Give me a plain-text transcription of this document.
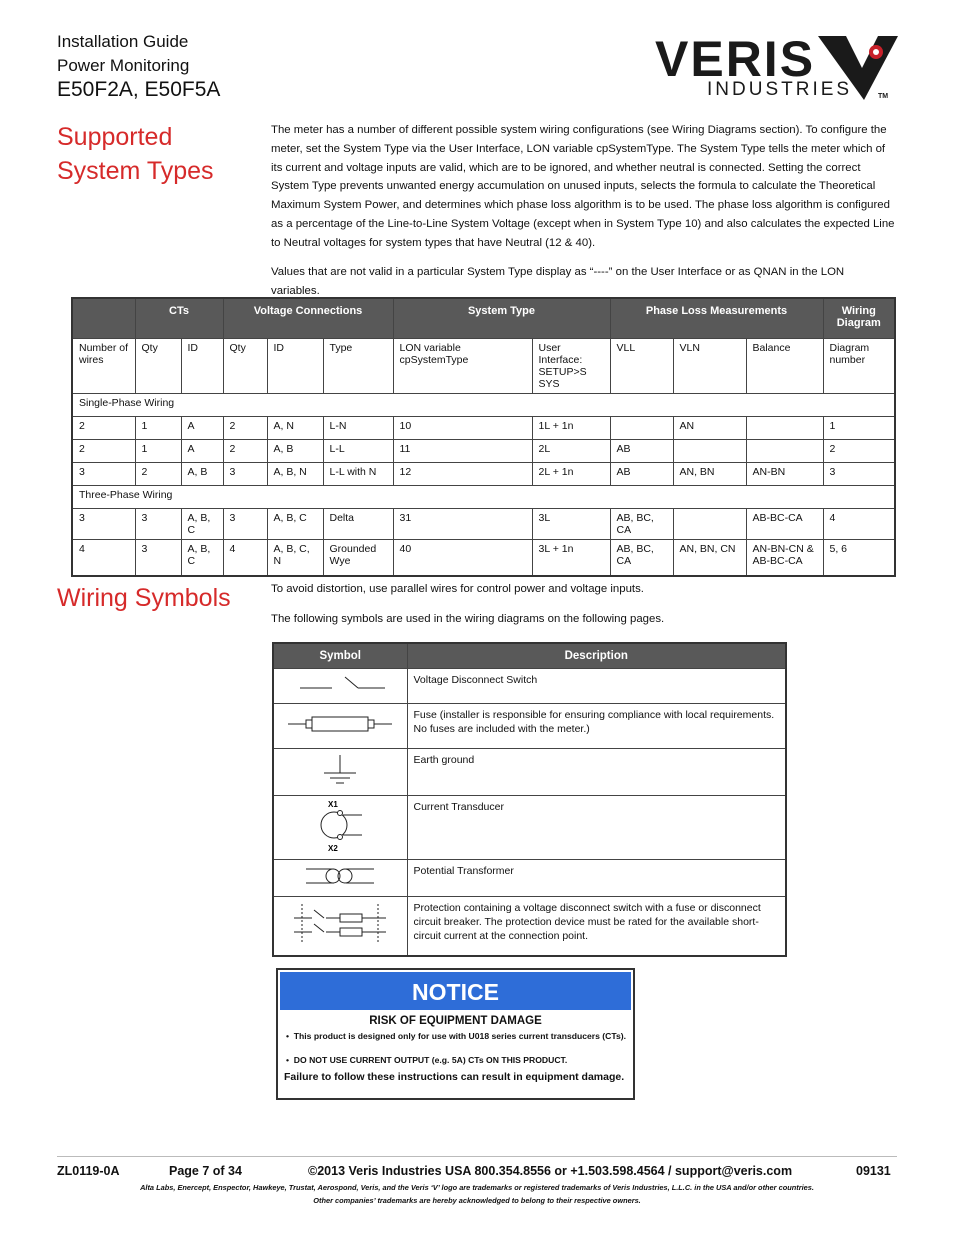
Installation Guide
Power Monitoring
E50F2A, E50F5A
VERIS
INDUSTRIES	TM
Supported System Types
The meter has a number of different possible system wiring configurations (see Wiring Diagrams section). To configure the meter, set the System Type via the User Interface, LON variable cpSystemType. The System Type tells the meter which of its current and voltage inputs are valid, which are to be ignored, and whether neutral is connected. Setting the correct System Type prevents unwanted energy accumulation on unused inputs, selects the formula to calculate the Theoretical Maximum System Power, and determines which phase loss algorithm is to be used. The phase loss algorithm is configured as a percentage of the Line-to-Line System Voltage (except when in System Type 10) and also calculates the expected Line to Neutral voltages for system types that have Neutral (12 & 40).
Values that are not valid in a particular System Type display as “----” on the User Interface or as QNAN in the LON variables.
	CTs		Voltage Connections			System Type		Phase Loss Measurements			Wiring Diagram
Number of wires	Qty	ID	Qty	ID	Type	LON variable cpSystemType	User Interface: SETUP>S SYS	VLL	VLN	Balance	Diagram number
Single-Phase Wiring											
2	1	A	2	A, N	L-N	10	1L + 1n		AN		1
2	1	A	2	A, B	L-L	11	2L	AB			2
3	2	A, B	3	A, B, N	L-L with N	12	2L + 1n	AB	AN, BN	AN-BN	3
Three-Phase Wiring											
3	3	A, B, C	3	A, B, C	Delta	31	3L	AB, BC, CA		AB-BC-CA	4
4	3	A, B, C	4	A, B, C, N	Grounded Wye	40	3L + 1n	AB, BC, CA	AN, BN, CN	AN-BN-CN & AB-BC-CA	5, 6
Wiring Symbols	To avoid distortion, use parallel wires for control power and voltage inputs.
The following symbols are used in the wiring diagrams on the following pages.
Symbol	Description
	Voltage Disconnect Switch
	Fuse (installer is responsible for ensuring compliance with local requirements. No fuses are included with the meter.)
	Earth ground

X1
X2	Current Transducer
	Potential Transformer
	Protection containing a voltage disconnect switch with a fuse or disconnect circuit breaker. The protection device must be rated for the available short-circuit current at the connection point.
NOTICE
RISK OF EQUIPMENT DAMAGE
•  This product is designed only for use with U018 series current transducers (CTs).
•  DO NOT USE CURRENT OUTPUT (e.g. 5A) CTs ON THIS PRODUCT.
Failure to follow these instructions can result in equipment damage.
ZL0119-0A	Page 7 of 34	©2013 Veris Industries USA 800.354.8556 or +1.503.598.4564 / support@veris.com	09131
Alta Labs, Enercept, Enspector, Hawkeye, Trustat, Aerospond, Veris, and the Veris ‘V’ logo are trademarks or registered trademarks of Veris Industries, L.L.C. in the USA and/or other countries.
Other companies’ trademarks are hereby acknowledged to belong to their respective owners.
